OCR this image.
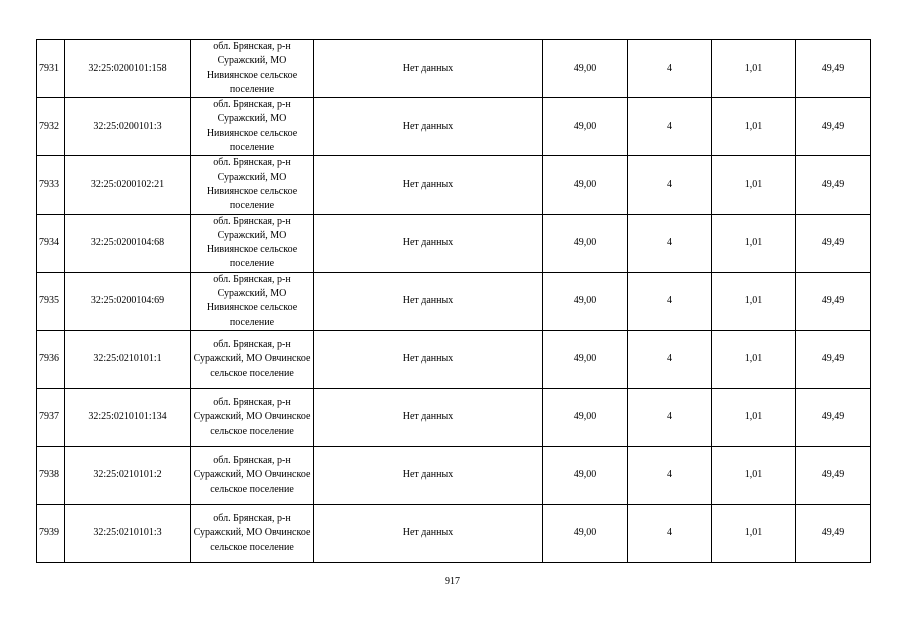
7931	32:25:0200101:158	обл. Брянская, р-н Суражский, МО Нивиянское сельское поселение	Нет данных	49,00	4	1,01	49,49
7932	32:25:0200101:3	обл. Брянская, р-н Суражский, МО Нивиянское сельское поселение	Нет данных	49,00	4	1,01	49,49
7933	32:25:0200102:21	обл. Брянская, р-н Суражский, МО Нивиянское сельское поселение	Нет данных	49,00	4	1,01	49,49
7934	32:25:0200104:68	обл. Брянская, р-н Суражский, МО Нивиянское сельское поселение	Нет данных	49,00	4	1,01	49,49
7935	32:25:0200104:69	обл. Брянская, р-н Суражский, МО Нивиянское сельское поселение	Нет данных	49,00	4	1,01	49,49
7936	32:25:0210101:1	обл. Брянская, р-н Суражский, МО Овчинское сельское поселение	Нет данных	49,00	4	1,01	49,49
7937	32:25:0210101:134	обл. Брянская, р-н Суражский, МО Овчинское сельское поселение	Нет данных	49,00	4	1,01	49,49
7938	32:25:0210101:2	обл. Брянская, р-н Суражский, МО Овчинское сельское поселение	Нет данных	49,00	4	1,01	49,49
7939	32:25:0210101:3	обл. Брянская, р-н Суражский, МО Овчинское сельское поселение	Нет данных	49,00	4	1,01	49,49
917
